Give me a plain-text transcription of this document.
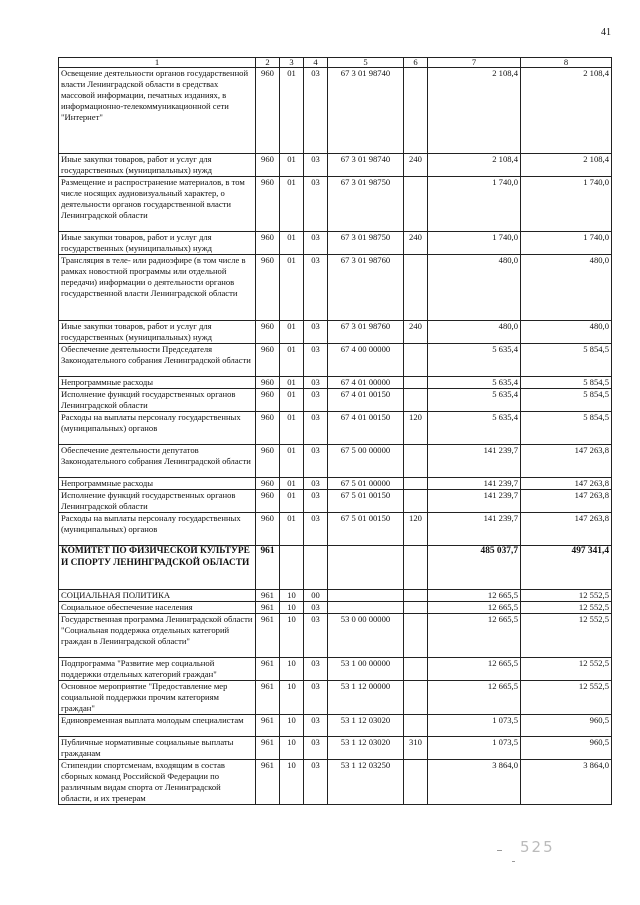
41
1	2	3	4	5	6	7	8
Освещение деятельности органов государственной власти Ленинградской области в средствах массовой информации, печатных изданиях, в информационно-телекоммуникационной сети "Интернет"	960	01	03	67 3 01 98740		2 108,4	2 108,4
Иные закупки товаров, работ и услуг для государственных (муниципальных) нужд	960	01	03	67 3 01 98740	240	2 108,4	2 108,4
Размещение и распространение материалов, в том числе носящих аудиовизуальный характер, о деятельности органов государственной власти Ленинградской области	960	01	03	67 3 01 98750		1 740,0	1 740,0
Иные закупки товаров, работ и услуг для государственных (муниципальных) нужд	960	01	03	67 3 01 98750	240	1 740,0	1 740,0
Трансляция в теле- или радиоэфире (в том числе в рамках новостной программы или отдельной передачи) информации о деятельности органов государственной власти Ленинградской области	960	01	03	67 3 01 98760		480,0	480,0
Иные закупки товаров, работ и услуг для государственных (муниципальных) нужд	960	01	03	67 3 01 98760	240	480,0	480,0
Обеспечение деятельности Председателя Законодательного собрания Ленинградской области	960	01	03	67 4 00 00000		5 635,4	5 854,5
Непрограммные расходы	960	01	03	67 4 01 00000		5 635,4	5 854,5
Исполнение функций государственных органов Ленинградской области	960	01	03	67 4 01 00150		5 635,4	5 854,5
Расходы на выплаты персоналу государственных (муниципальных) органов	960	01	03	67 4 01 00150	120	5 635,4	5 854,5
Обеспечение деятельности депутатов Законодательного собрания Ленинградской области	960	01	03	67 5 00 00000		141 239,7	147 263,8
Непрограммные расходы	960	01	03	67 5 01 00000		141 239,7	147 263,8
Исполнение функций государственных органов Ленинградской области	960	01	03	67 5 01 00150		141 239,7	147 263,8
Расходы на выплаты персоналу государственных (муниципальных) органов	960	01	03	67 5 01 00150	120	141 239,7	147 263,8
КОМИТЕТ ПО ФИЗИЧЕСКОЙ КУЛЬТУРЕ И СПОРТУ ЛЕНИНГРАДСКОЙ ОБЛАСТИ	961					485 037,7	497 341,4
СОЦИАЛЬНАЯ ПОЛИТИКА	961	10	00			12 665,5	12 552,5
Социальное обеспечение населения	961	10	03			12 665,5	12 552,5
Государственная программа Ленинградской области "Социальная поддержка отдельных категорий граждан в Ленинградской области"	961	10	03	53 0 00 00000		12 665,5	12 552,5
Подпрограмма "Развитие мер социальной поддержки отдельных категорий граждан"	961	10	03	53 1 00 00000		12 665,5	12 552,5
Основное мероприятие "Предоставление мер социальной поддержки прочим категориям граждан"	961	10	03	53 1 12 00000		12 665,5	12 552,5
Единовременная выплата молодым специалистам	961	10	03	53 1 12 03020		1 073,5	960,5
Публичные нормативные социальные выплаты гражданам	961	10	03	53 1 12 03020	310	1 073,5	960,5
Стипендии спортсменам, входящим в состав сборных команд Российской Федерации по различным видам спорта от Ленинградской области, и их тренерам	961	10	03	53 1 12 03250		3 864,0	3 864,0
525
